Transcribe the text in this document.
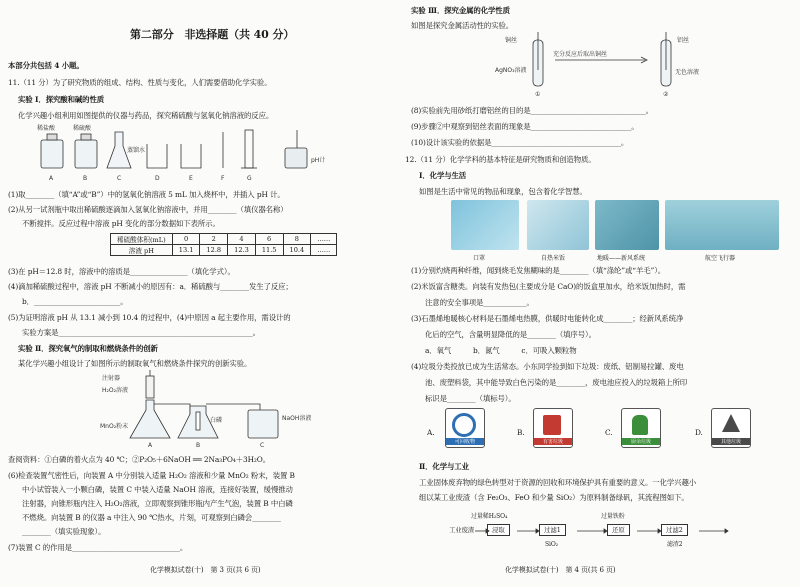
第二部分　非选择题（共 40 分）
本部分共包括 4 小题。
11.（11 分）为了研究物质的组成、结构、性质与变化，人们需要借助化学实验。
实验 Ⅰ．探究酸和碱的性质
化学兴趣小组利用如图提供的仪器与药品，探究稀硫酸与氢氧化钠溶液的反应。
稀盐酸	稀硫酸
蒸馏水
pH计
A	B	C	D	E	F	G
(1)取________（填“A”或“B”）中的氢氧化钠溶液 5 mL 加入烧杯中，并插入 pH 计。
(2)从另一试剂瓶中取出稀硫酸逐滴加入氢氧化钠溶液中，并用________（填仪器名称）
不断搅拌。反应过程中溶液 pH 变化的部分数据如下表所示。
稀硫酸体积(mL)	0	2	4	6	8	……
溶液 pH	13.1	12.8	12.3	11.5	10.4	……
(3)在 pH＝12.8 时，溶液中的溶质是________________（填化学式）。
(4)滴加稀硫酸过程中，溶液 pH 不断减小的原因有：a．稀硫酸与________发生了反应；
b．________________________。
(5)为证明溶液 pH 从 13.1 减小到 10.4 的过程中，(4)中原因 a 起主要作用，需设计的
实验方案是______________________________________________________。
实验 Ⅱ．探究氧气的制取和燃烧条件的创新
某化学兴趣小组设计了如图所示的制取氧气和燃烧条件探究的创新实验。
注射器
H₂O₂溶液
MnO₂粉末
白磷	NaOH溶液
A	B	C
查阅资料：①白磷的着火点为 40 ℃；②P₂O₅＋6NaOH ══ 2Na₃PO₄＋3H₂O。
(6)检查装置气密性后，向装置 A 中分别装入适量 H₂O₂ 溶液和少量 MnO₂ 粉末，装置 B
中小试管装入一小颗白磷，装置 C 中装入适量 NaOH 溶液，连接好装置，缓慢推动
注射器，向锥形瓶内注入 H₂O₂溶液，立即观察到锥形瓶内产生气泡，装置 B 中白磷
不燃烧。向装置 B 的仪器 a 中注入 90 ℃热水，片刻，可观察到白磷会________
________（填实验现象）。
(7)装置 C 的作用是______________________________。
化学模拟试卷(十)　第 3 页(共 6 页)
实验 Ⅲ．探究金属的化学性质
如图是探究金属活动性的实验。
铜丝
AgNO₃溶液
充分反应后取出铜丝
铝丝
无色溶液
①	②
(8)实验前先用砂纸打磨铝丝的目的是________________________________。
(9)步骤②中观察到铝丝表面的现象是____________________________。
(10)设计该实验的依据是____________________________________。
12.（11 分）化学学科的基本特征是研究物质和创造物质。
Ⅰ．化学与生活
如图是生活中常见的物品和现象，包含着化学智慧。
口罩	自热米饭	地暖——新风系统	航空飞行器
(1)分别灼烧两种纤维，闻到烧毛发焦糊味的是________（填“涤纶”或“羊毛”）。
(2)米饭富含糖类。向装有发热包(主要成分是 CaO)的饭盒里加水，给米饭加热时，需
注意的安全事项是____________。
(3)石墨烯地暖核心材料是石墨烯电热膜，供暖时电能转化成________；经新风系统净
化后的空气，含量明显降低的是________（填序号）。
a．氧气　　　b．氮气　　　c．可吸入颗粒物
(4)垃圾分类投放已成为生活常态。小东同学捡到如下垃圾：废纸、铝制易拉罐、废电
池、废塑料袋，其中能导致白色污染的是________，废电池应投入的垃圾箱上所印
标识是________（填标号）。
A.
可回收物
B.
有害垃圾
C.
厨余垃圾
D.
其他垃圾
Ⅱ．化学与工业
工业固体废弃物的绿色转型对于资源的回收和环境保护具有重要的意义。一化学兴趣小
组以某工业废渣（含 Fe₂O₃、FeO 和少量 SiO₂）为原料制备绿矾，其流程图如下。
过量稀H₂SO₄	过量铁粉
工业废渣	浸取	过滤1	还原	过滤2
SiO₂	滤渣2
化学模拟试卷(十)　第 4 页(共 6 页)
